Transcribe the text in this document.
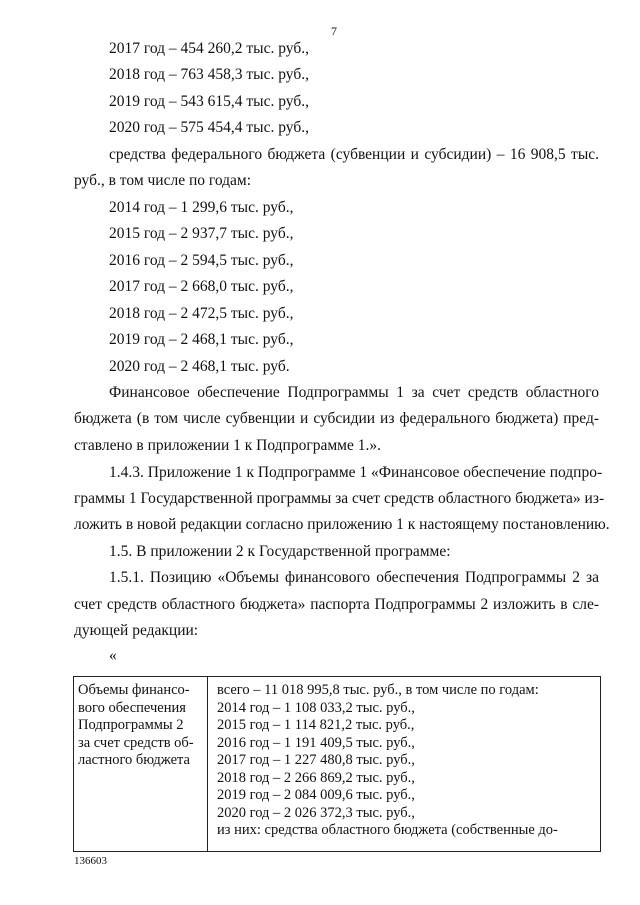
7
2017 год – 454 260,2 тыс. руб.,
2018 год – 763 458,3 тыс. руб.,
2019 год – 543 615,4 тыс. руб.,
2020 год – 575 454,4 тыс. руб.,
средства федерального бюджета (субвенции и субсидии) – 16 908,5 тыс.
руб., в том числе по годам:
2014 год – 1 299,6 тыс. руб.,
2015 год – 2 937,7 тыс. руб.,
2016 год – 2 594,5 тыс. руб.,
2017 год – 2 668,0 тыс. руб.,
2018 год – 2 472,5 тыс. руб.,
2019 год – 2 468,1 тыс. руб.,
2020 год – 2 468,1 тыс. руб.
Финансовое обеспечение Подпрограммы 1 за счет средств областного
бюджета (в том числе субвенции и субсидии из федерального бюджета) пред-
ставлено в приложении 1 к Подпрограмме 1.».
1.4.3. Приложение 1 к Подпрограмме 1 «Финансовое обеспечение подпро-
граммы 1 Государственной программы за счет средств областного бюджета» из-
ложить в новой редакции согласно приложению 1 к настоящему постановлению.
1.5. В приложении 2 к Государственной программе:
1.5.1. Позицию «Объемы финансового обеспечения Подпрограммы 2 за
счет средств областного бюджета» паспорта Подпрограммы 2 изложить в сле-
дующей редакции:
«
Объемы финансо-
вого обеспечения
Подпрограммы 2
за счет средств об-
ластного бюджета
всего – 11 018 995,8 тыс. руб., в том числе по годам:
2014 год – 1 108 033,2 тыс. руб.,
2015 год – 1 114 821,2 тыс. руб.,
2016 год – 1 191 409,5 тыс. руб.,
2017 год – 1 227 480,8 тыс. руб.,
2018 год – 2 266 869,2 тыс. руб.,
2019 год – 2 084 009,6 тыс. руб.,
2020 год – 2 026 372,3 тыс. руб.,
из них: средства областного бюджета (собственные до-
136603
